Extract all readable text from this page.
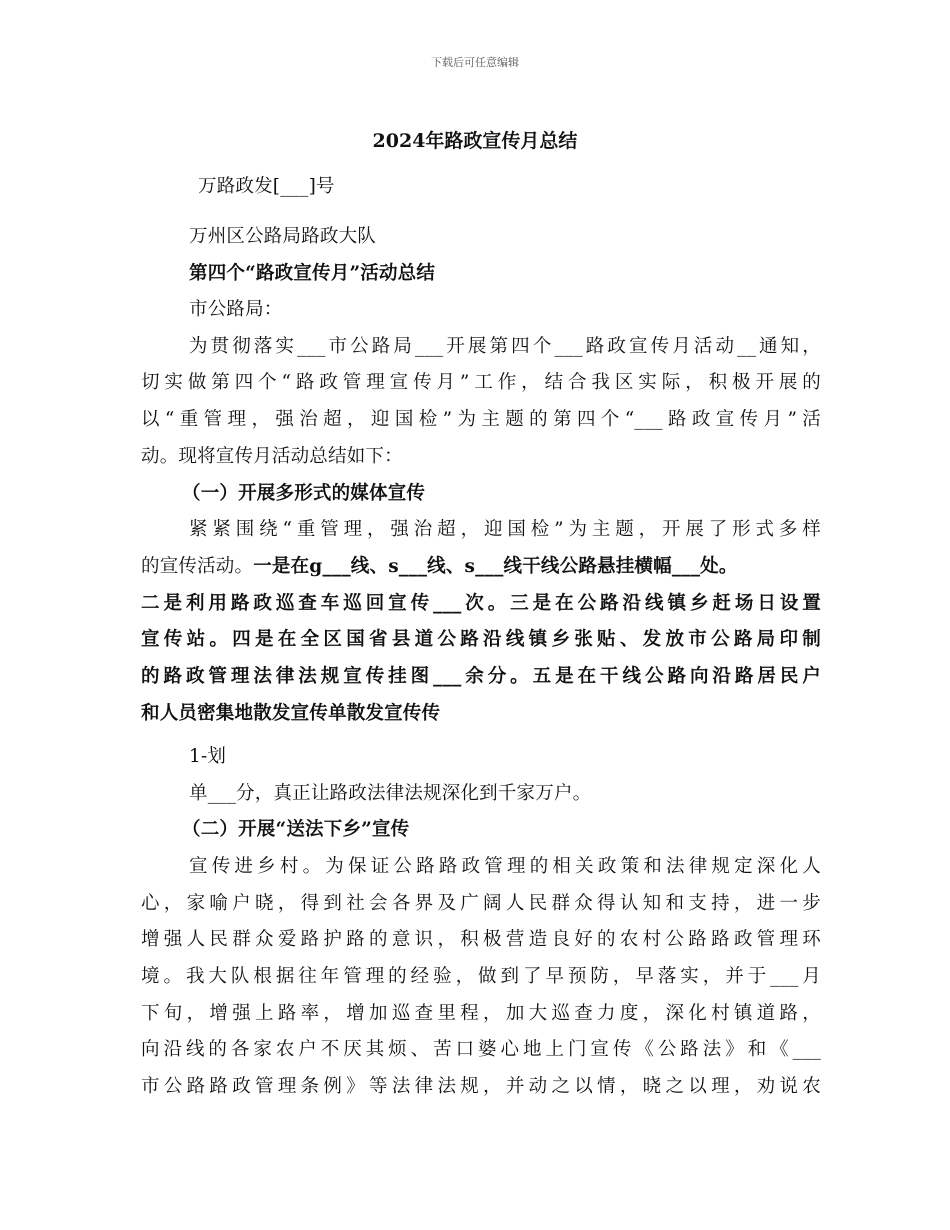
下载后可任意编辑
2024年路政宣传月总结
万路政发[___]号
万州区公路局路政大队
第四个“路政宣传月”活动总结
市公路局：
为贯彻落实___市公路局___开展第四个___路政宣传月活动__通知，
切实做第四个“路政管理宣传月”工作，结合我区实际，积极开展的
以“重管理，强治超，迎国检”为主题的第四个“___路政宣传月”活
动。现将宣传月活动总结如下：
（一）开展多形式的媒体宣传
紧紧围绕“重管理，强治超，迎国检”为主题，开展了形式多样
的宣传活动。一是在g___线、s___线、s___线干线公路悬挂横幅___处。
二是利用路政巡查车巡回宣传___次。三是在公路沿线镇乡赶场日设置
宣传站。四是在全区国省县道公路沿线镇乡张贴、发放市公路局印制
的路政管理法律法规宣传挂图___余分。五是在干线公路向沿路居民户
和人员密集地散发宣传单散发宣传传
1-划
单___分，真正让路政法律法规深化到千家万户。
（二）开展“送法下乡”宣传
宣传进乡村。为保证公路路政管理的相关政策和法律规定深化人
心，家喻户晓，得到社会各界及广阔人民群众得认知和支持，进一步
增强人民群众爱路护路的意识，积极营造良好的农村公路路政管理环
境。我大队根据往年管理的经验，做到了早预防，早落实，并于___月
下旬，增强上路率，增加巡查里程，加大巡查力度，深化村镇道路，
向沿线的各家农户不厌其烦、苦口婆心地上门宣传《公路法》和《___
市公路路政管理条例》等法律法规，并动之以情，晓之以理，劝说农
